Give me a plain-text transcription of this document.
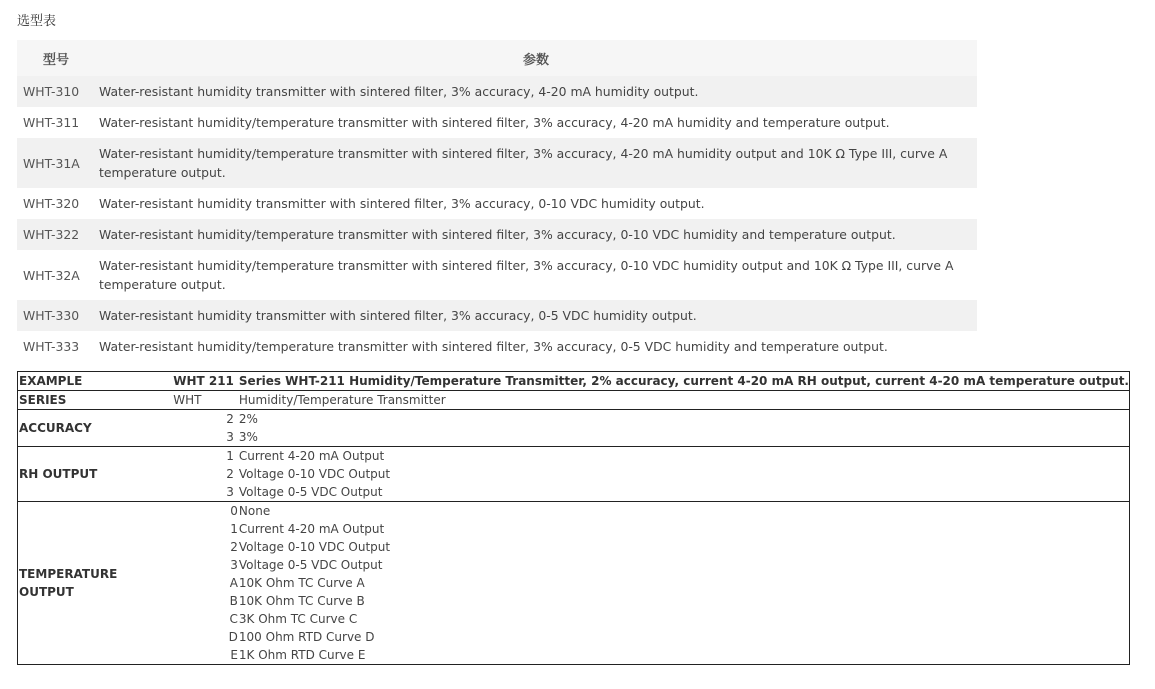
选型表
型号	参数
WHT-310	Water-resistant humidity transmitter with sintered filter, 3% accuracy, 4-20 mA humidity output.
WHT-311	Water-resistant humidity/temperature transmitter with sintered filter, 3% accuracy, 4-20 mA humidity and temperature output.
WHT-31A	Water-resistant humidity/temperature transmitter with sintered filter, 3% accuracy, 4-20 mA humidity output and 10K Ω Type III, curve A temperature output.
WHT-320	Water-resistant humidity transmitter with sintered filter, 3% accuracy, 0-10 VDC humidity output.
WHT-322	Water-resistant humidity/temperature transmitter with sintered filter, 3% accuracy, 0-10 VDC humidity and temperature output.
WHT-32A	Water-resistant humidity/temperature transmitter with sintered filter, 3% accuracy, 0-10 VDC humidity output and 10K Ω Type III, curve A temperature output.
WHT-330	Water-resistant humidity transmitter with sintered filter, 3% accuracy, 0-5 VDC humidity output.
WHT-333	Water-resistant humidity/temperature transmitter with sintered filter, 3% accuracy, 0-5 VDC humidity and temperature output.
EXAMPLE	WHT 211	Series WHT-211 Humidity/Temperature Transmitter, 2% accuracy, current 4-20 mA RH output, current 4-20 mA temperature output.
SERIES	WHT	Humidity/Temperature Transmitter
ACCURACY	2	2%
	3	3%
RH OUTPUT	1	Current 4-20 mA Output
	2	Voltage 0-10 VDC Output
	3	Voltage 0-5 VDC Output
TEMPERATURE OUTPUT	0	None
	1	Current 4-20 mA Output
	2	Voltage 0-10 VDC Output
	3	Voltage 0-5 VDC Output
	A	10K Ohm TC Curve A
	B	10K Ohm TC Curve B
	C	3K Ohm TC Curve C
	D	100 Ohm RTD Curve D
	E	1K Ohm RTD Curve E
